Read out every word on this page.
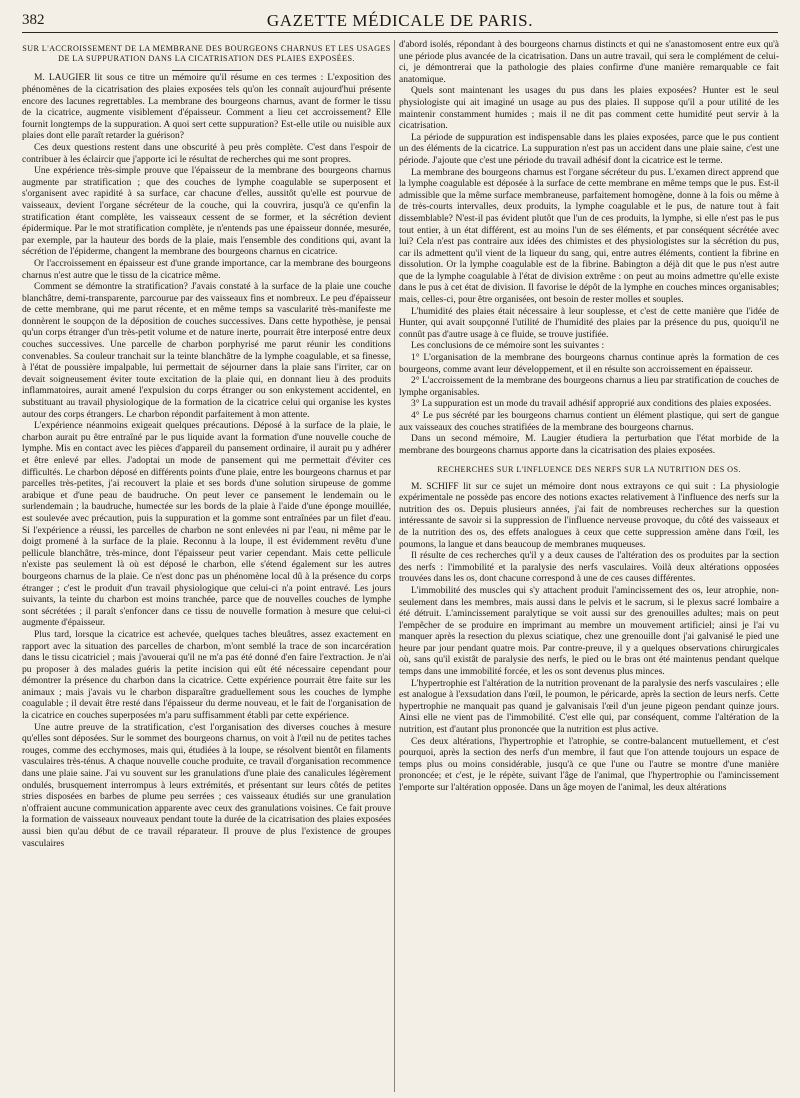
382	GAZETTE MÉDICALE DE PARIS.

SUR L'ACCROISSEMENT DE LA MEMBRANE DES BOURGEONS CHARNUS ET LES USAGES DE LA SUPPURATION DANS LA CICATRISATION DES PLAIES EXPOSÉES.

M. LAUGIER lit sous ce titre un mémoire qu'il résume en ces termes : L'exposition des phénomènes de la cicatrisation des plaies exposées tels qu'on les connaît aujourd'hui présente encore des lacunes regrettables. La membrane des bourgeons charnus, avant de former le tissu de la cicatrice, augmente visiblement d'épaisseur. Comment a lieu cet accroissement? Elle fournit longtemps de la suppuration. A quoi sert cette suppuration? Est-elle utile ou nuisible aux plaies dont elle paraît retarder la guérison?

Ces deux questions restent dans une obscurité à peu près complète. C'est dans l'espoir de contribuer à les éclaircir que j'apporte ici le résultat de recherches qui me sont propres.

Une expérience très-simple prouve que l'épaisseur de la membrane des bourgeons charnus augmente par stratification ; que des couches de lymphe coagulable se superposent et s'organisent avec rapidité à sa surface, car chacune d'elles, aussitôt qu'elle est pourvue de vaisseaux, devient l'organe sécréteur de la couche, qui la couvrira, jusqu'à ce qu'enfin la stratification étant complète, les vaisseaux cessent de se former, et la sécrétion devient épidermique. Par le mot stratification complète, je n'entends pas une épaisseur donnée, mesurée, par exemple, par la hauteur des bords de la plaie, mais l'ensemble des conditions qui, avant la sécrétion de l'épiderme, changent la membrane des bourgeons charnus en cicatrice.

Or l'accroissement en épaisseur est d'une grande importance, car la membrane des bourgeons charnus n'est autre que le tissu de la cicatrice même.

Comment se démontre la stratification? J'avais constaté à la surface de la plaie une couche blanchâtre, demi-transparente, parcourue par des vaisseaux fins et nombreux. Le peu d'épaisseur de cette membrane, qui me parut récente, et en même temps sa vascularité très-manifeste me donnèrent le soupçon de la déposition de couches successives. Dans cette hypothèse, je pensai qu'un corps étranger d'un très-petit volume et de nature inerte, pourrait être interposé entre deux couches successives. Une parcelle de charbon porphyrisé me parut réunir les conditions convenables. Sa couleur tranchait sur la teinte blanchâtre de la lymphe coagulable, et sa finesse, à l'état de poussière impalpable, lui permettait de séjourner dans la plaie sans l'irriter, car on devait soigneusement éviter toute excitation de la plaie qui, en donnant lieu à des produits inflammatoires, aurait amené l'expulsion du corps étranger ou son enkystement accidentel, en substituant au travail physiologique de la formation de la cicatrice celui qui organise les kystes autour des corps étrangers. Le charbon répondit parfaitement à mon attente.

L'expérience néanmoins exigeait quelques précautions. Déposé à la surface de la plaie, le charbon aurait pu être entraîné par le pus liquide avant la formation d'une nouvelle couche de lymphe. Mis en contact avec les pièces d'appareil du pansement ordinaire, il aurait pu y adhérer et être enlevé par elles. J'adoptai un mode de pansement qui me permettait d'éviter ces difficultés. Le charbon déposé en différents points d'une plaie, entre les bourgeons charnus et par parcelles très-petites, j'ai recouvert la plaie et ses bords d'une solution sirupeuse de gomme arabique et d'une peau de baudruche. On peut lever ce pansement le lendemain ou le surlendemain ; la baudruche, humectée sur les bords de la plaie à l'aide d'une éponge mouillée, est soulevée avec précaution, puis la suppuration et la gomme sont entraînées par un filet d'eau. Si l'expérience a réussi, les parcelles de charbon ne sont enlevées ni par l'eau, ni même par le doigt promené à la surface de la plaie. Reconnu à la loupe, il est évidemment revêtu d'une pellicule blanchâtre, très-mince, dont l'épaisseur peut varier cependant. Mais cette pellicule n'existe pas seulement là où est déposé le charbon, elle s'étend également sur les autres bourgeons charnus de la plaie. Ce n'est donc pas un phénomène local dû à la présence du corps étranger ; c'est le produit d'un travail physiologique que celui-ci n'a point entravé. Les jours suivants, la teinte du charbon est moins tranchée, parce que de nouvelles couches de lymphe sont sécrétées ; il paraît s'enfoncer dans ce tissu de nouvelle formation à mesure que celui-ci augmente d'épaisseur.

Plus tard, lorsque la cicatrice est achevée, quelques taches bleuâtres, assez exactement en rapport avec la situation des parcelles de charbon, m'ont semblé la trace de son incarcération dans le tissu cicatriciel ; mais j'avouerai qu'il ne m'a pas été donné d'en faire l'extraction. Je n'ai pu proposer à des malades guéris la petite incision qui eût été nécessaire cependant pour démontrer la présence du charbon dans la cicatrice. Cette expérience pourrait être faite sur les animaux ; mais j'avais vu le charbon disparaître graduellement sous les couches de lymphe coagulable ; il devait être resté dans l'épaisseur du derme nouveau, et le fait de l'organisation de la cicatrice en couches superposées m'a paru suffisamment établi par cette expérience.

Une autre preuve de la stratification, c'est l'organisation des diverses couches à mesure qu'elles sont déposées. Sur le sommet des bourgeons charnus, on voit à l'œil nu de petites taches rouges, comme des ecchymoses, mais qui, étudiées à la loupe, se résolvent bientôt en filaments vasculaires très-ténus. A chaque nouvelle couche produite, ce travail d'organisation recommence dans une plaie saine. J'ai vu souvent sur les granulations d'une plaie des canalicules légèrement ondulés, brusquement interrompus à leurs extrémités, et présentant sur leurs côtés de petites stries disposées en barbes de plume peu serrées ; ces vaisseaux étudiés sur une granulation n'offraient aucune communication apparente avec ceux des granulations voisines. Ce fait prouve la formation de vaisseaux nouveaux pendant toute la durée de la cicatrisation des plaies exposées aussi bien qu'au début de ce travail réparateur. Il prouve de plus l'existence de groupes vasculaires

d'abord isolés, répondant à des bourgeons charnus distincts et qui ne s'anastomosent entre eux qu'à une période plus avancée de la cicatrisation. Dans un autre travail, qui sera le complément de celui-ci, je démontrerai que la pathologie des plaies confirme d'une manière remarquable ce fait anatomique.

Quels sont maintenant les usages du pus dans les plaies exposées? Hunter est le seul physiologiste qui ait imaginé un usage au pus des plaies. Il suppose qu'il a pour utilité de les maintenir constamment humides ; mais il ne dit pas comment cette humidité peut servir à la cicatrisation.

La période de suppuration est indispensable dans les plaies exposées, parce que le pus contient un des éléments de la cicatrice. La suppuration n'est pas un accident dans une plaie saine, c'est une période. J'ajoute que c'est une période du travail adhésif dont la cicatrice est le terme.

La membrane des bourgeons charnus est l'organe sécréteur du pus. L'examen direct apprend que la lymphe coagulable est déposée à la surface de cette membrane en même temps que le pus. Est-il admissible que la même surface membraneuse, parfaitement homogène, donne à la fois ou même à de très-courts intervalles, deux produits, la lymphe coagulable et le pus, de nature tout à fait dissemblable? N'est-il pas évident plutôt que l'un de ces produits, la lymphe, si elle n'est pas le pus tout entier, à un état différent, est au moins l'un de ses éléments, et par conséquent sécrétée avec lui? Cela n'est pas contraire aux idées des chimistes et des physiologistes sur la sécrétion du pus, car ils admettent qu'il vient de la liqueur du sang, qui, entre autres éléments, contient la fibrine en dissolution. Or la lymphe coagulable est de la fibrine. Babington a déjà dit que le pus n'est autre que de la lymphe coagulable à l'état de division extrême : on peut au moins admettre qu'elle existe dans le pus à cet état de division. Il favorise le dépôt de la lymphe en couches minces organisables; mais, celles-ci, pour être organisées, ont besoin de rester molles et souples.

L'humidité des plaies était nécessaire à leur souplesse, et c'est de cette manière que l'idée de Hunter, qui avait soupçonné l'utilité de l'humidité des plaies par la présence du pus, quoiqu'il ne connût pas d'autre usage à ce fluide, se trouve justifiée.

Les conclusions de ce mémoire sont les suivantes :

1° L'organisation de la membrane des bourgeons charnus continue après la formation de ces bourgeons, comme avant leur développement, et il en résulte son accroissement en épaisseur.

2° L'accroissement de la membrane des bourgeons charnus a lieu par stratification de couches de lymphe organisables.

3° La suppuration est un mode du travail adhésif approprié aux conditions des plaies exposées.

4° Le pus sécrété par les bourgeons charnus contient un élément plastique, qui sert de gangue aux vaisseaux des couches stratifiées de la membrane des bourgeons charnus.

Dans un second mémoire, M. Laugier étudiera la perturbation que l'état morbide de la membrane des bourgeons charnus apporte dans la cicatrisation des plaies exposées.

RECHERCHES SUR L'INFLUENCE DES NERFS SUR LA NUTRITION DES OS.

M. SCHIFF lit sur ce sujet un mémoire dont nous extrayons ce qui suit : La physiologie expérimentale ne possède pas encore des notions exactes relativement à l'influence des nerfs sur la nutrition des os. Depuis plusieurs années, j'ai fait de nombreuses recherches sur la question intéressante de savoir si la suppression de l'influence nerveuse provoque, du côté des vaisseaux et de la nutrition des os, des effets analogues à ceux que cette suppression amène dans l'œil, les poumons, la langue et dans beaucoup de membranes muqueuses.

Il résulte de ces recherches qu'il y a deux causes de l'altération des os produites par la section des nerfs : l'immobilité et la paralysie des nerfs vasculaires. Voilà deux altérations opposées trouvées dans les os, dont chacune correspond à une de ces causes différentes.

L'immobilité des muscles qui s'y attachent produit l'amincissement des os, leur atrophie, non-seulement dans les membres, mais aussi dans le pelvis et le sacrum, si le plexus sacré lombaire a été détruit. L'amincissement paralytique se voit aussi sur des grenouilles adultes; mais on peut l'empêcher de se produire en imprimant au membre un mouvement artificiel; ainsi je l'ai vu manquer après la resection du plexus sciatique, chez une grenouille dont j'ai galvanisé le pied une heure par jour pendant quatre mois. Par contre-preuve, il y a quelques observations chirurgicales où, sans qu'il existât de paralysie des nerfs, le pied ou le bras ont été maintenus pendant quelque temps dans une immobilité forcée, et les os sont devenus plus minces.

L'hypertrophie est l'altération de la nutrition provenant de la paralysie des nerfs vasculaires ; elle est analogue à l'exsudation dans l'œil, le poumon, le péricarde, après la section de leurs nerfs. Cette hypertrophie ne manquait pas quand je galvanisais l'œil d'un jeune pigeon pendant quinze jours. Ainsi elle ne vient pas de l'immobilité. C'est elle qui, par conséquent, comme l'altération de la nutrition, est d'autant plus prononcée que la nutrition est plus active.

Ces deux altérations, l'hypertrophie et l'atrophie, se contre-balancent mutuellement, et c'est pourquoi, après la section des nerfs d'un membre, il faut que l'on attende toujours un espace de temps plus ou moins considérable, jusqu'à ce que l'une ou l'autre se montre d'une manière prononcée; et c'est, je le répète, suivant l'âge de l'animal, que l'hypertrophie ou l'amincissement l'emporte sur l'altération opposée. Dans un âge moyen de l'animal, les deux altérations
